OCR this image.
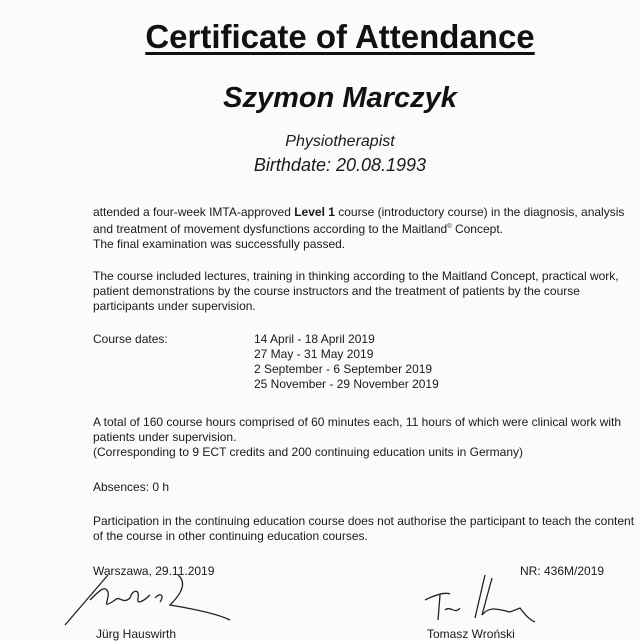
Certificate of Attendance
Szymon Marczyk
Physiotherapist
Birthdate: 20.08.1993

attended a four-week IMTA-approved Level 1 course (introductory course) in the diagnosis, analysis and treatment of movement dysfunctions according to the Maitland® Concept.

The final examination was successfully passed.

The course included lectures, training in thinking according to the Maitland Concept, practical work, patient demonstrations by the course instructors and the treatment of patients by the course participants under supervision.
Course dates:	14 April - 18 April 2019
27 May - 31 May 2019
2 September - 6 September 2019
25 November - 29 November 2019

A total of 160 course hours comprised of 60 minutes each, 11 hours of which were clinical work with patients under supervision.

(Corresponding to 9 ECT credits and 200 continuing education units in Germany)

Absences: 0 h
Participation in the continuing education course does not authorise the participant to teach the content of the course in other continuing education courses.
Warszawa, 29.11.2019	NR: 436M/2019
Jürg Hauswirth	Tomasz Wroński
